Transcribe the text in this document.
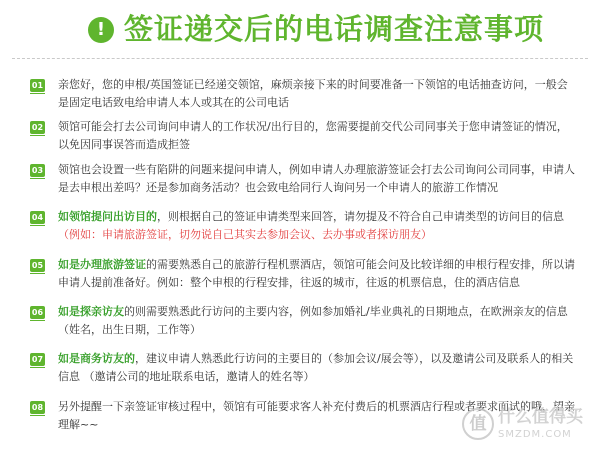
! 签证递交后的电话调查注意事项
01 亲您好，您的申根/英国签证已经递交领馆，麻烦亲接下来的时间要准备一下领馆的电话抽查访问，一般会是固定电话致电给申请人本人或其在的公司电话
02 领馆可能会打去公司询问申请人的工作状况/出行目的，您需要提前交代公司同事关于您申请签证的情况，以免因同事误答而造成拒签
03 领馆也会设置一些有陷阱的问题来提问申请人，例如申请人办理旅游签证会打去公司询问公司同事，申请人是去申根出差吗？还是参加商务活动？也会致电给同行人询问另一个申请人的旅游工作情况
04 如领馆提问出访目的，则根据自己的签证申请类型来回答，请勿提及不符合自己申请类型的访问目的信息
（例如：申请旅游签证，切勿说自己其实去参加会议、去办事或者探访朋友）
05 如是办理旅游签证的需要熟悉自己的旅游行程机票酒店，领馆可能会问及比较详细的申根行程安排，所以请申请人提前准备好。例如：整个申根的行程安排，往返的城市，往返的机票信息，住的酒店信息
06 如是探亲访友的则需要熟悉此行访问的主要内容，例如参加婚礼/毕业典礼的日期地点，在欧洲亲友的信息（姓名，出生日期，工作等）
07 如是商务访友的，建议申请人熟悉此行访问的主要目的（参加会议/展会等），以及邀请公司及联系人的相关信息 （邀请公司的地址联系电话，邀请人的姓名等）
08 另外提醒一下亲签证审核过程中，领馆有可能要求客人补充付费后的机票酒店行程或者要求面试的哦，望亲理解~~	值 什么值得买
SMZDM.COM
